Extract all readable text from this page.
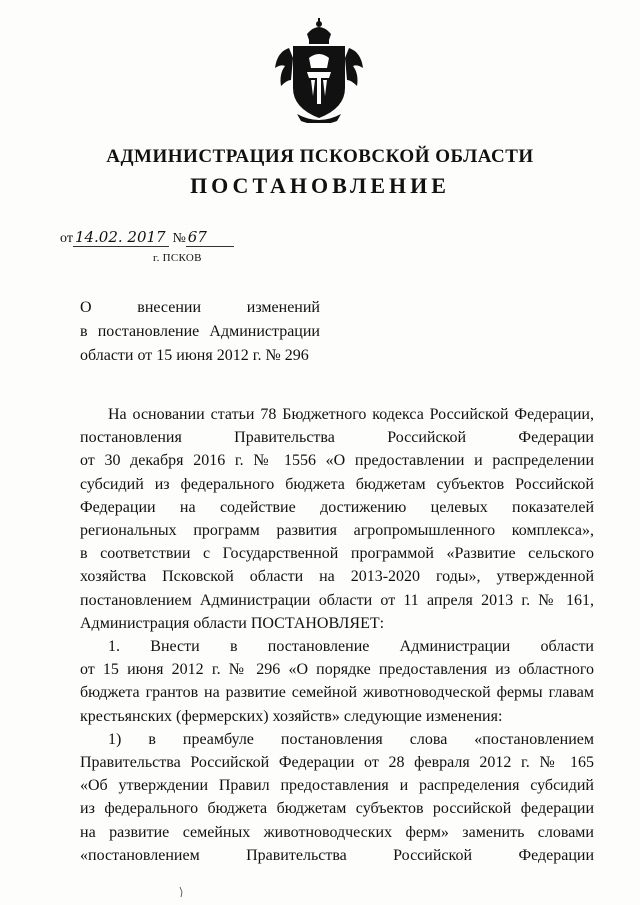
АДМИНИСТРАЦИЯ ПСКОВСКОЙ ОБЛАСТИ
ПОСТАНОВЛЕНИЕ
от 14.02. 2017 № 67
г. ПСКОВ
О внесении изменений
в постановление Администрации
области от 15 июня 2012 г. № 296
На основании статьи 78 Бюджетного кодекса Российской Федерации,
постановления Правительства Российской Федерации
от 30 декабря 2016 г. № 1556 «О предоставлении и распределении
субсидий из федерального бюджета бюджетам субъектов Российской
Федерации на содействие достижению целевых показателей
региональных программ развития агропромышленного комплекса»,
в соответствии с Государственной программой «Развитие сельского
хозяйства Псковской области на 2013-2020 годы», утвержденной
постановлением Администрации области от 11 апреля 2013 г. № 161,
Администрация области ПОСТАНОВЛЯЕТ:
1. Внести в постановление Администрации области
от 15 июня 2012 г. № 296 «О порядке предоставления из областного
бюджета грантов на развитие семейной животноводческой фермы главам
крестьянских (фермерских) хозяйств» следующие изменения:
1) в преамбуле постановления слова «постановлением
Правительства Российской Федерации от 28 февраля 2012 г. № 165
«Об утверждении Правил предоставления и распределения субсидий
из федерального бюджета бюджетам субъектов российской федерации
на развитие семейных животноводческих ферм» заменить словами
«постановлением Правительства Российской Федерации
